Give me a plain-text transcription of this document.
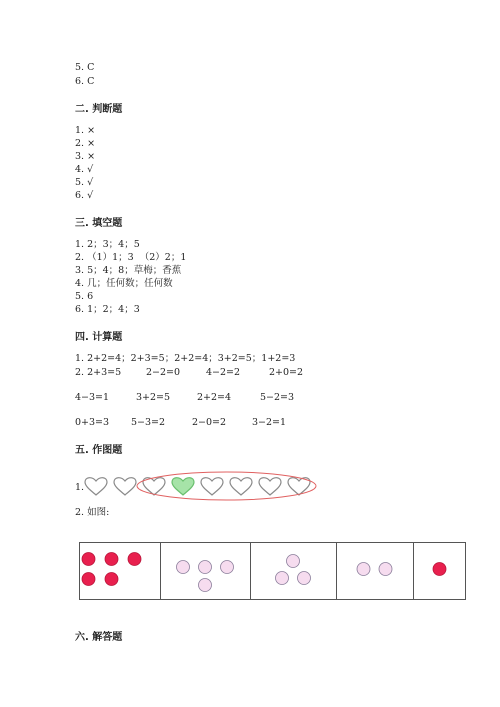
5. C
6. C
二. 判断题
1. ×
2. ×
3. ×
4. √
5. √
6. √
三. 填空题
1. 2；3；4；5
2. （1）1；3  （2）2；1
3. 5；4；8；草梅；香蕉
4. 几；任何数；任何数
5. 6
6. 1；2；4；3
四. 计算题
1. 2+2=4；2+3=5；2+2=4；3+2=5；1+2=3
2. 2+3=5	2−2=0	4−2=2	2+0=2
4−3=1	3+2=5	2+2=4	5−2=3
0+3=3 5−3=2	2−0=2	3−2=1
五. 作图题
1.
2. 如图:
六. 解答题
